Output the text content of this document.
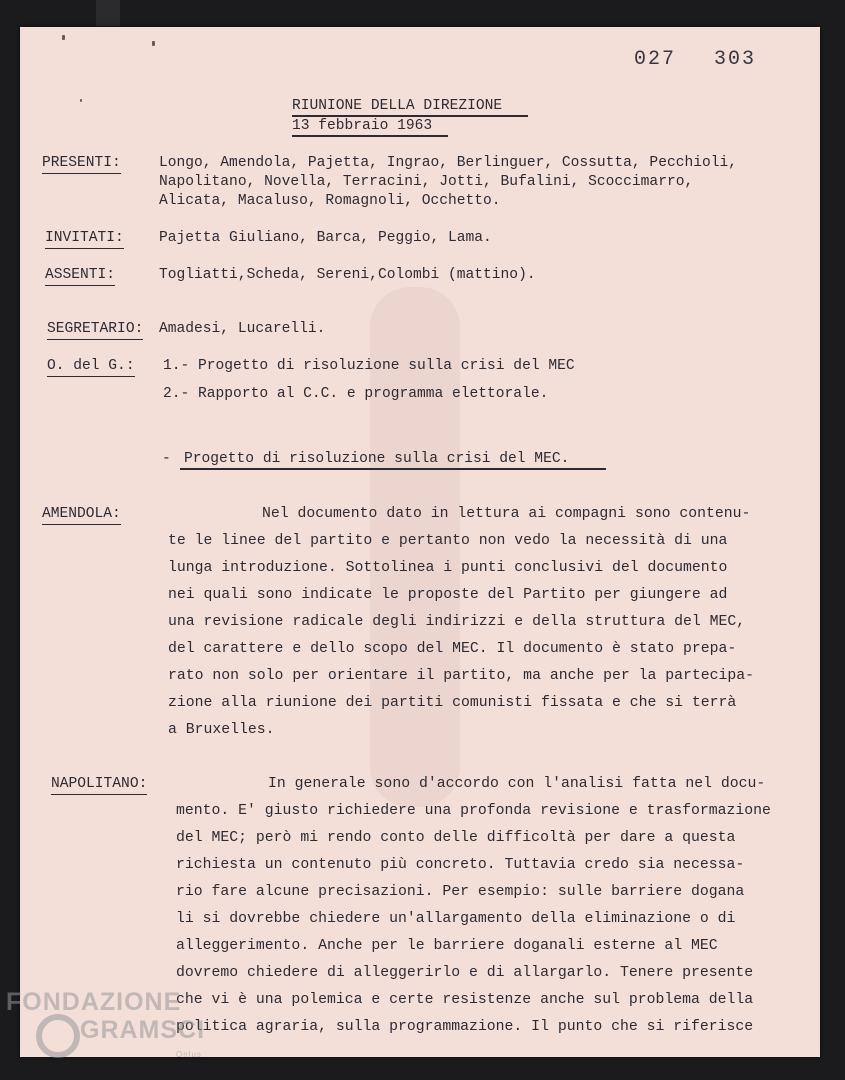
027 303
RIUNIONE DELLA DIREZIONE
13 febbraio 1963
PRESENTI:	Longo, Amendola, Pajetta, Ingrao, Berlinguer, Cossutta, Pecchioli,
Napolitano, Novella, Terracini, Jotti, Bufalini, Scoccimarro,
Alicata, Macaluso, Romagnoli, Occhetto.
INVITATI: Pajetta Giuliano, Barca, Peggio, Lama.
ASSENTI:	Togliatti,Scheda, Sereni,Colombi (mattino).
SEGRETARIO: Amadesi, Lucarelli.
O. del G.: 1.- Progetto di risoluzione sulla crisi del MEC
2.- Rapporto al C.C. e programma elettorale.
- Progetto di risoluzione sulla crisi del MEC.
AMENDOLA:	Nel documento dato in lettura ai compagni sono contenu-
te le linee del partito e pertanto non vedo la necessità di una
lunga introduzione. Sottolinea i punti conclusivi del documento
nei quali sono indicate le proposte del Partito per giungere ad
una revisione radicale degli indirizzi e della struttura del MEC,
del carattere e dello scopo del MEC. Il documento è stato prepa-
rato non solo per orientare il partito, ma anche per la partecipa-
zione alla riunione dei partiti comunisti fissata e che si terrà
a Bruxelles.
NAPOLITANO:	In generale sono d'accordo con l'analisi fatta nel docu-
mento. E' giusto richiedere una profonda revisione e trasformazione
del MEC; però mi rendo conto delle difficoltà per dare a questa
richiesta un contenuto più concreto. Tuttavia credo sia necessa-
rio fare alcune precisazioni. Per esempio: sulle barriere dogana
li si dovrebbe chiedere un'allargamento della eliminazione o di
alleggerimento. Anche per le barriere doganali esterne al MEC
dovremo chiedere di alleggerirlo e di allargarlo. Tenere presente
che vi è una polemica e certe resistenze anche sul problema della
politica agraria, sulla programmazione. Il punto che si riferisce
FONDAZIONE
GRAMSCI
Onlus
